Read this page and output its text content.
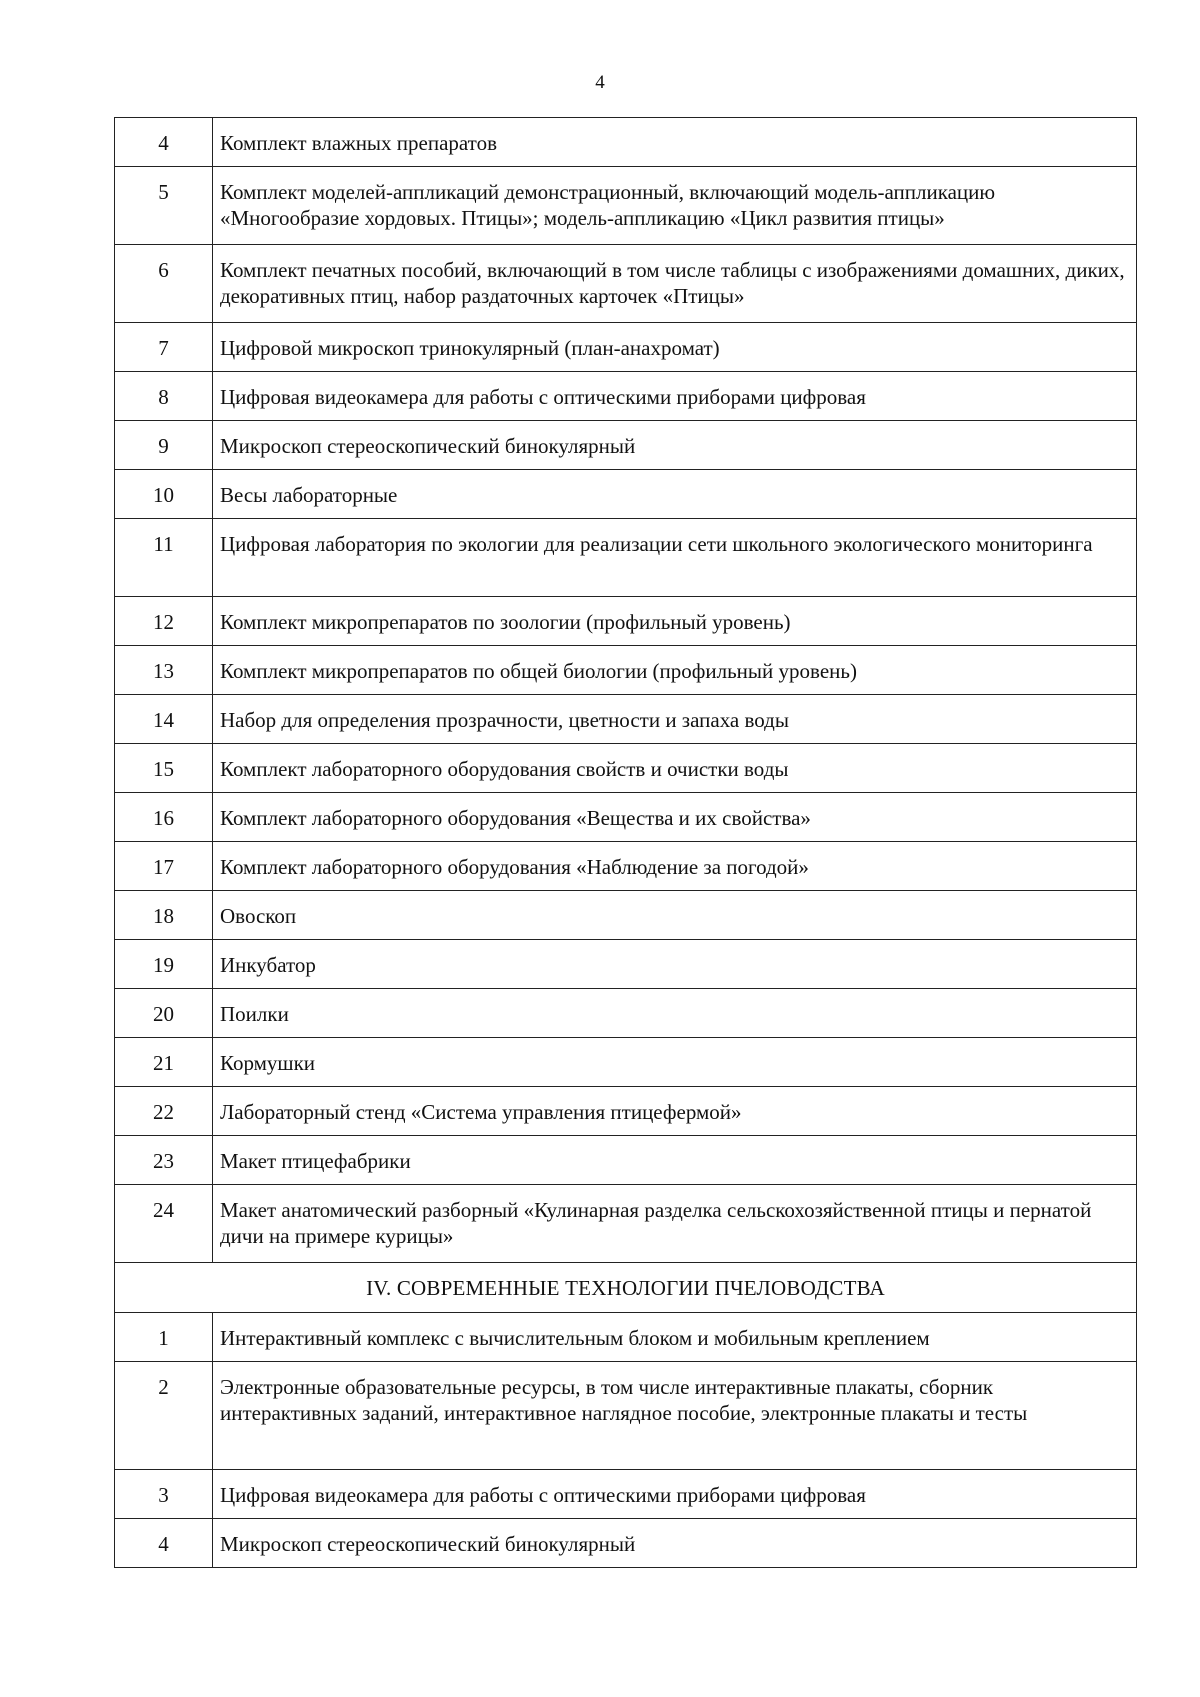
4
4	Комплект влажных препаратов
5	Комплект моделей-аппликаций демонстрационный, включающий модель-аппликацию «Многообразие хордовых. Птицы»; модель-аппликацию «Цикл развития птицы»
6	Комплект печатных пособий, включающий в том числе таблицы с изображениями домашних, диких, декоративных птиц, набор раздаточных карточек «Птицы»
7	Цифровой микроскоп тринокулярный (план-анахромат)
8	Цифровая видеокамера для работы с оптическими приборами цифровая
9	Микроскоп стереоскопический бинокулярный
10	Весы лабораторные
11	Цифровая лаборатория по экологии для реализации сети школьного экологического мониторинга
12	Комплект микропрепаратов по зоологии (профильный уровень)
13	Комплект микропрепаратов по общей биологии (профильный уровень)
14	Набор для определения прозрачности, цветности и запаха воды
15	Комплект лабораторного оборудования свойств и очистки воды
16	Комплект лабораторного оборудования «Вещества и их свойства»
17	Комплект лабораторного оборудования «Наблюдение за погодой»
18	Овоскоп
19	Инкубатор
20	Поилки
21	Кормушки
22	Лабораторный стенд «Система управления птицефермой»
23	Макет птицефабрики
24	Макет анатомический разборный «Кулинарная разделка сельскохозяйственной птицы и пернатой дичи на примере курицы»
IV. СОВРЕМЕННЫЕ ТЕХНОЛОГИИ ПЧЕЛОВОДСТВА	
1	Интерактивный комплекс с вычислительным блоком и мобильным креплением
2	Электронные образовательные ресурсы, в том числе интерактивные плакаты, сборник интерактивных заданий, интерактивное наглядное пособие, электронные плакаты и тесты
3	Цифровая видеокамера для работы с оптическими приборами цифровая
4	Микроскоп стереоскопический бинокулярный
